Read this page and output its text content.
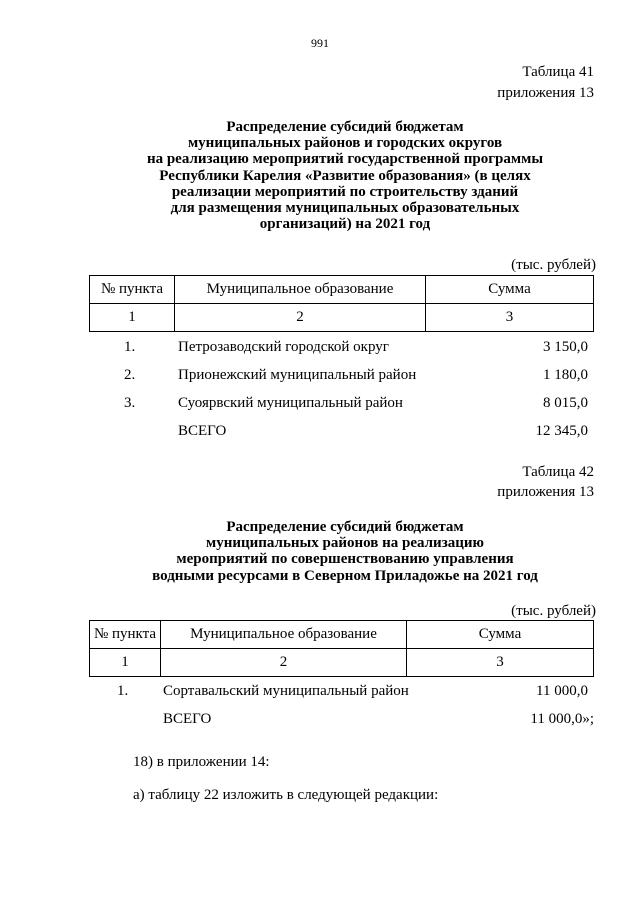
991
Таблица 41
приложения 13
Распределение субсидий бюджетам
муниципальных районов и городских округов
на реализацию мероприятий государственной программы
Республики Карелия «Развитие образования» (в целях
реализации мероприятий по строительству зданий
для размещения муниципальных образовательных
организаций) на 2021 год
(тыс. рублей)
№ пункта	Муниципальное образование	Сумма
1	2	3
1.	Петрозаводский городской округ	3 150,0
2.	Прионежский муниципальный район	1 180,0
3.	Суоярвский муниципальный район	8 015,0
ВСЕГО	12 345,0
Таблица 42
приложения 13
Распределение субсидий бюджетам
муниципальных районов на реализацию
мероприятий по совершенствованию управления
водными ресурсами в Северном Приладожье на 2021 год
(тыс. рублей)
№ пункта	Муниципальное образование	Сумма
1	2	3
1. Сортавальский муниципальный район	11 000,0
ВСЕГО	11 000,0»;
18) в приложении 14:
а) таблицу 22 изложить в следующей редакции:
